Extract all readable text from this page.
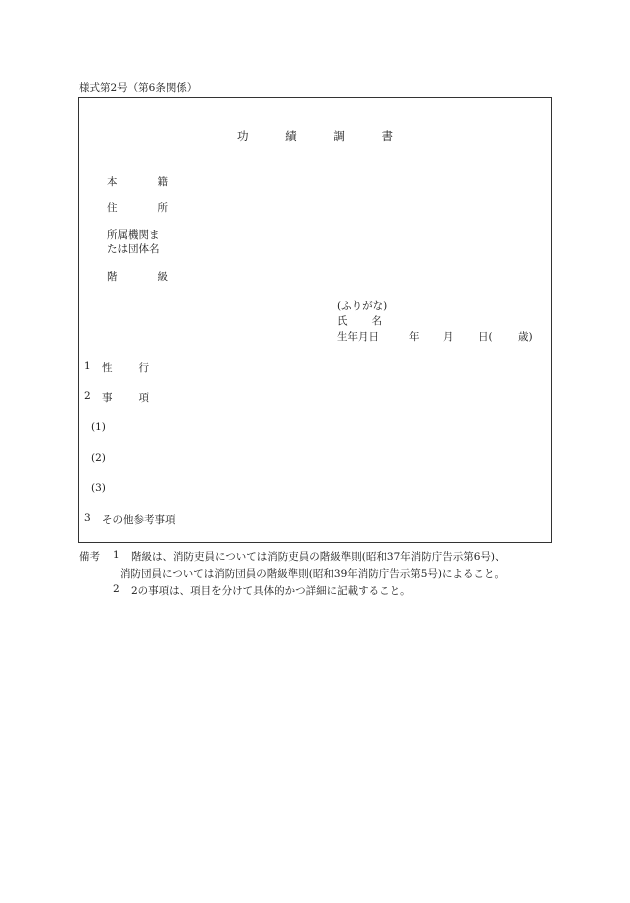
様式第2号（第6条関係）
功	績	調	書
本	籍
住	所
所属機関ま
たは団体名
階	級
(ふりがな)
氏 名
生年月日	年 月 日( 歳)
1 性 行
2 事 項
(1)
(2)
(3)
3 その他参考事項
備考 1 階級は、消防吏員については消防吏員の階級準則(昭和37年消防庁告示第6号)、
消防団員については消防団員の階級準則(昭和39年消防庁告示第5号)によること。
2 2の事項は、項目を分けて具体的かつ詳細に記載すること。
